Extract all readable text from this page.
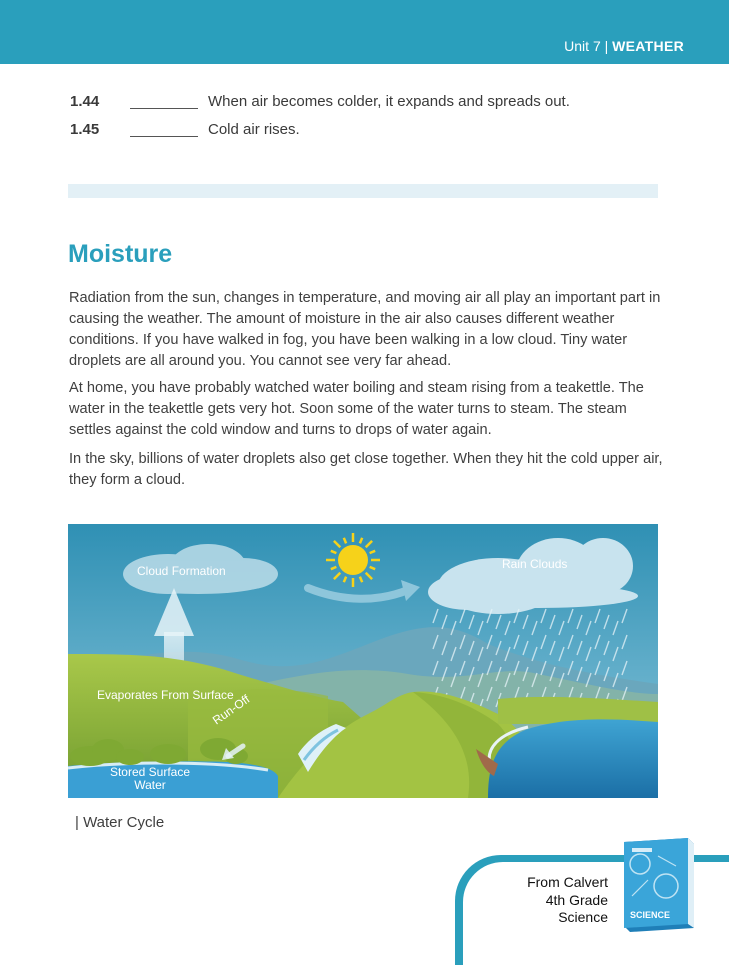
Unit 7 | WEATHER
1.44	When air becomes colder, it expands and spreads out.
1.45	Cold air rises.
Moisture

Radiation from the sun, changes in temperature, and moving air all play an important part in causing the weather. The amount of moisture in the air also causes different weather conditions. If you have walked in fog, you have been walking in a low cloud. Tiny water droplets are all around you. You cannot see very far ahead.

At home, you have probably watched water boiling and steam rising from a teakettle. The water in the teakettle gets very hot. Soon some of the water turns to steam. The steam settles against the cold window and turns to drops of water again.

In the sky, billions of water droplets also get close together. When they hit the cold upper air, they form a cloud.

Cloud Formation	Rain Clouds
Evaporates From Surface
Run-Off
Stored Surface
Water
| Water Cycle
From Calvert
4th Grade
Science SCIENCE
